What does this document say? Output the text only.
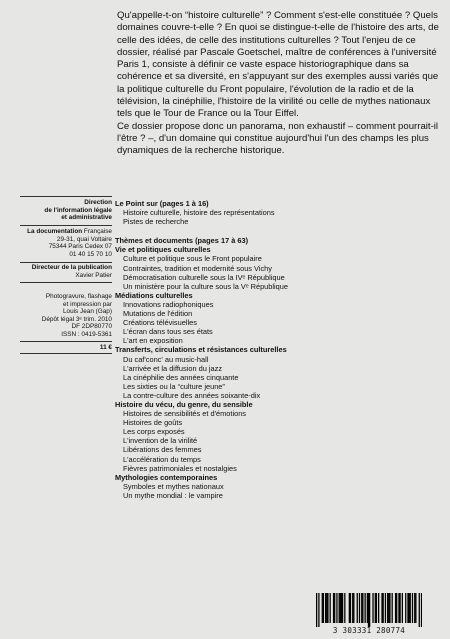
Qu'appelle-t-on “histoire culturelle” ? Comment s'est-elle constituée ? Quels domaines couvre-t-elle ? En quoi se distingue-t-elle de l'histoire des arts, de celle des idées, de celle des institutions culturelles ? Tout l'enjeu de ce dossier, réalisé par Pascale Goetschel, maître de conférences à l'université Paris 1, consiste à définir ce vaste espace historiographique dans sa cohérence et sa diversité, en s'appuyant sur des exemples aussi variés que la politique culturelle du Front populaire, l'évolution de la radio et de la télévision, la cinéphilie, l'histoire de la virilité ou celle de mythes nationaux tels que le Tour de France ou la Tour Eiffel.
Ce dossier propose donc un panorama, non exhaustif – comment pourrait-il l'être ? –, d'un domaine qui constitue aujourd'hui l'un des champs les plus dynamiques de la recherche historique.
Direction
de l'information légale
et administrative
La documentation Française
29-31, quai Voltaire
75344 Paris Cedex 07
01 40 15 70 10
Directeur de la publication
Xavier Patier
Photogravure, flashage
et impression par
Louis Jean (Gap)
Dépôt légal 3ᵉ trim. 2010
DF 2DP80770
ISSN : 0419-5361
11 €
Le Point sur (pages 1 à 16)
Histoire culturelle, histoire des représentations
Pistes de recherche
Thèmes et documents (pages 17 à 63)
Vie et politiques culturelles
Culture et politique sous le Front populaire
Contraintes, tradition et modernité sous Vichy
Démocratisation culturelle sous la IVᵉ République
Un ministère pour la culture sous la Vᵉ République
Médiations culturelles
Innovations radiophoniques
Mutations de l'édition
Créations télévisuelles
L'écran dans tous ses états
L'art en exposition
Transferts, circulations et résistances culturelles
Du caf'conc' au music-hall
L'arrivée et la diffusion du jazz
La cinéphilie des années cinquante
Les sixties ou la “culture jeune”
La contre-culture des années soixante-dix
Histoire du vécu, du genre, du sensible
Histoires de sensibilités et d'émotions
Histoires de goûts
Les corps exposés
L'invention de la virilité
Libérations des femmes
L'accélération du temps
Fièvres patrimoniales et nostalgies
Mythologies contemporaines
Symboles et mythes nationaux
Un mythe mondial : le vampire
3 303331 280774
